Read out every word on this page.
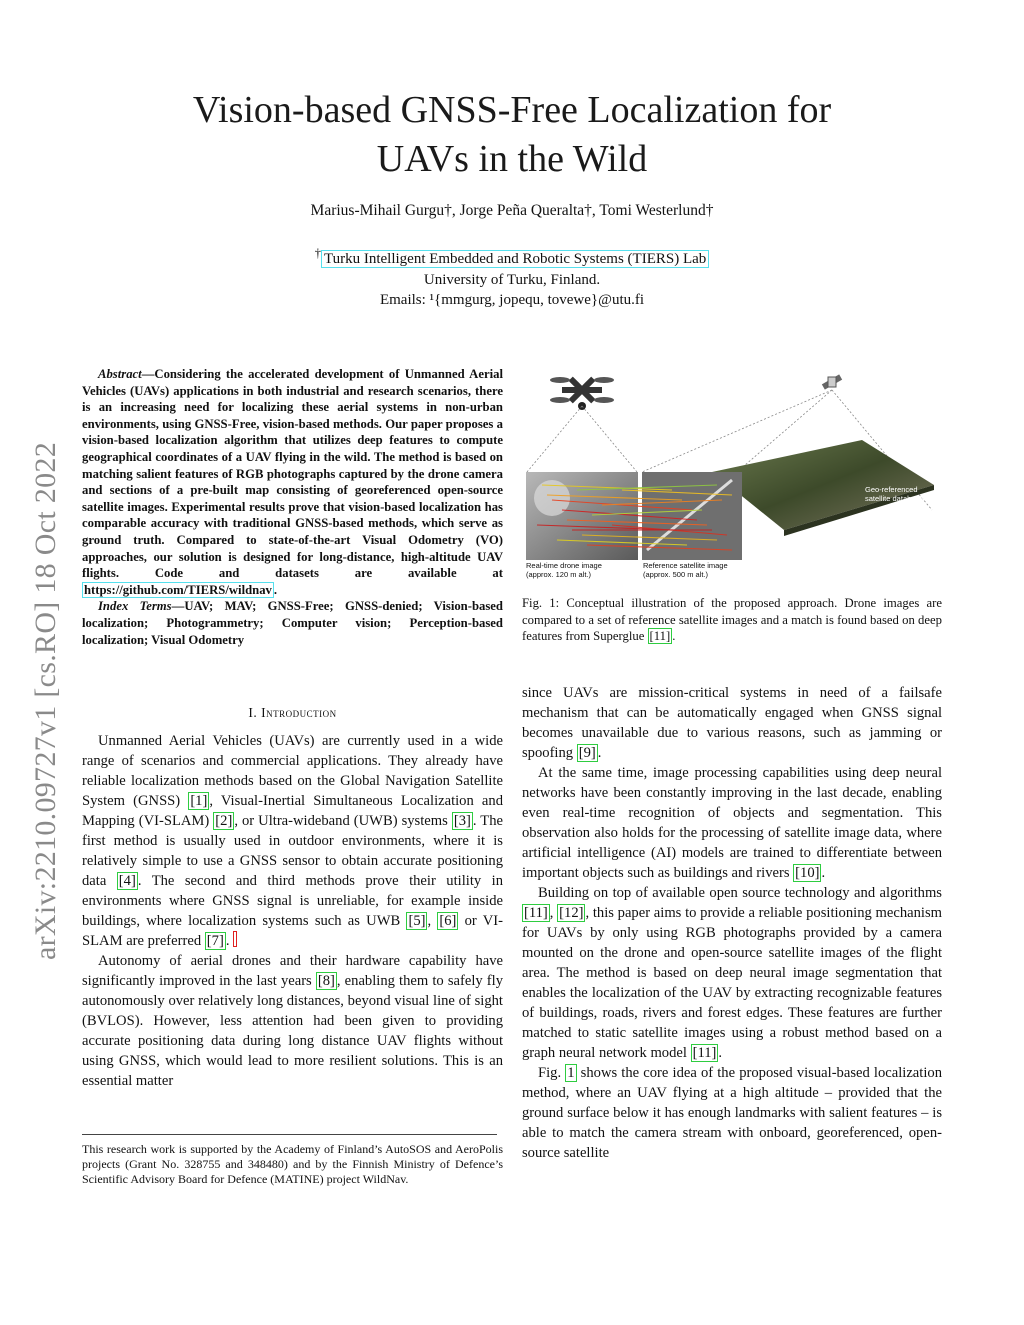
Vision-based GNSS-Free Localization for
UAVs in the Wild
Marius-Mihail Gurgu†, Jorge Peña Queralta†, Tomi Westerlund†
† Turku Intelligent Embedded and Robotic Systems (TIERS) Lab
University of Turku, Finland.
Emails: ¹{mmgurg, jopequ, tovewe}@utu.fi
arXiv:2210.09727v1 [cs.RO] 18 Oct 2022

Abstract—Considering the accelerated development of Unmanned Aerial Vehicles (UAVs) applications in both industrial and research scenarios, there is an increasing need for localizing these aerial systems in non-urban environments, using GNSS-Free, vision-based methods. Our paper proposes a vision-based localization algorithm that utilizes deep features to compute geographical coordinates of a UAV flying in the wild. The method is based on matching salient features of RGB photographs captured by the drone camera and sections of a pre-built map consisting of georeferenced open-source satellite images. Experimental results prove that vision-based localization has comparable accuracy with traditional GNSS-based methods, which serve as ground truth. Compared to state-of-the-art Visual Odometry (VO) approaches, our solution is designed for long-distance, high-altitude UAV flights. Code and datasets are available at https://github.com/TIERS/wildnav .

Index Terms—UAV; MAV; GNSS-Free; GNSS-denied; Vision-based localization; Photogrammetry; Computer vision; Perception-based localization; Visual Odometry

I. Introduction

Unmanned Aerial Vehicles (UAVs) are currently used in a wide range of scenarios and commercial applications. They already have reliable localization methods based on the Global Navigation Satellite System (GNSS) [1] , Visual-Inertial Simultaneous Localization and Mapping (VI-SLAM) [2] , or Ultra-wideband (UWB) systems [3] . The first method is usually used in outdoor environments, where it is relatively simple to use a GNSS sensor to obtain accurate positioning data [4] . The second and third methods prove their utility in environments where GNSS signal is unreliable, for example inside buildings, where localization systems such as UWB [5] , [6] or VI-SLAM are preferred [7] .

Autonomy of aerial drones and their hardware capability have significantly improved in the last years [8] , enabling them to safely fly autonomously over relatively long distances, beyond visual line of sight (BVLOS). However, less attention had been given to providing accurate positioning data during long distance UAV flights without using GNSS, which would lead to more resilient solutions. This is an essential matter

This research work is supported by the Academy of Finland’s AutoSOS and AeroPolis projects (Grant No. 328755 and 348480) and by the Finnish Ministry of Defence’s Scientific Advisory Board for Defence (MATINE) project WildNav.
Real-time drone image
(approx. 120 m alt.)
Reference satellite image
(approx. 500 m alt.)
Geo-referenced
satellite database
Fig. 1: Conceptual illustration of the proposed approach. Drone images are compared to a set of reference satellite images and a match is found based on deep features from Superglue [11] .

since UAVs are mission-critical systems in need of a failsafe mechanism that can be automatically engaged when GNSS signal becomes unavailable due to various reasons, such as jamming or spoofing [9] .

At the same time, image processing capabilities using deep neural networks have been constantly improving in the last decade, enabling even real-time recognition of objects and segmentation. This observation also holds for the processing of satellite image data, where artificial intelligence (AI) models are trained to differentiate between important objects such as buildings and rivers [10] .

Building on top of available open source technology and algorithms [11] , [12] , this paper aims to provide a reliable positioning mechanism for UAVs by only using RGB photographs provided by a camera mounted on the drone and open-source satellite images of the flight area. The method is based on deep neural image segmentation that enables the localization of the UAV by extracting recognizable features of buildings, roads, rivers and forest edges. These features are further matched to static satellite images using a robust method based on a graph neural network model [11] .

Fig. 1 shows the core idea of the proposed visual-based localization method, where an UAV flying at a high altitude – provided that the ground surface below it has enough landmarks with salient features – is able to match the camera stream with onboard, georeferenced, open-source satellite
